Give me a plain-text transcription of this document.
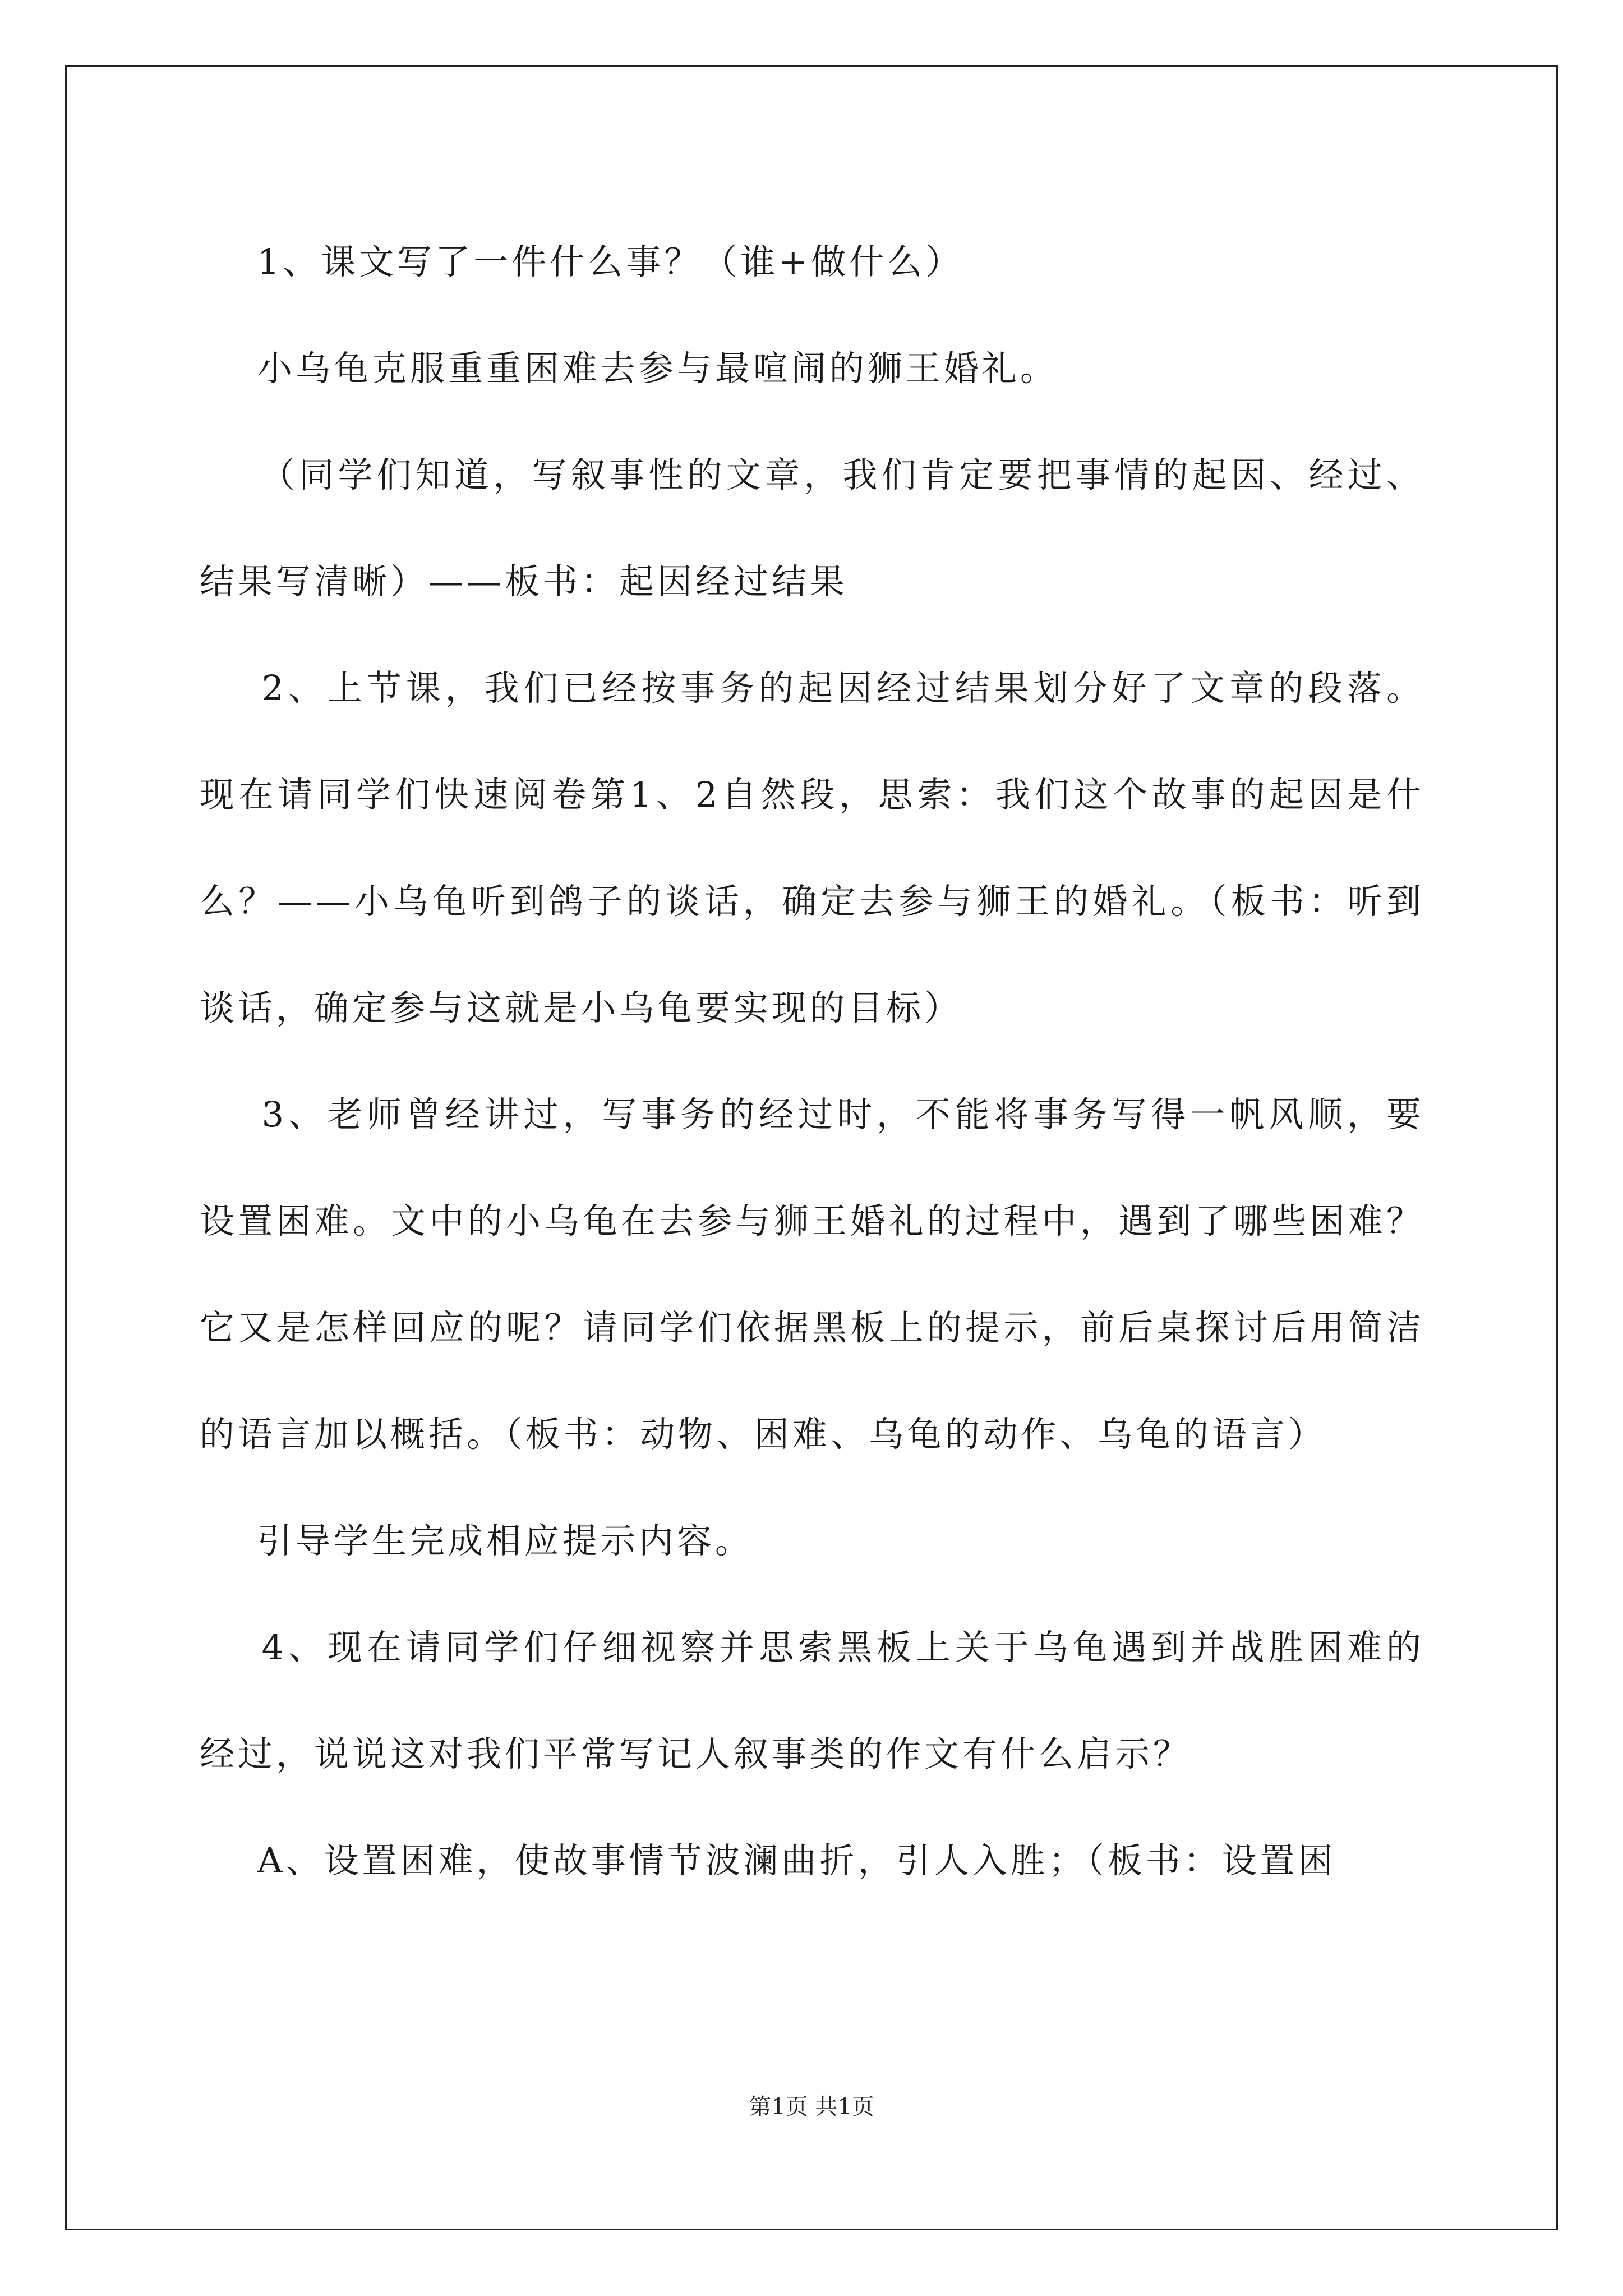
1、课文写了一件什么事？（谁+做什么）

小乌龟克服重重困难去参与最喧闹的狮王婚礼。

（同学们知道，写叙事性的文章，我们肯定要把事情的起因、经过、结果写清晰）——板书：起因经过结果

2、上节课，我们已经按事务的起因经过结果划分好了文章的段落。现在请同学们快速阅卷第1、2自然段，思索：我们这个故事的起因是什么？——小乌龟听到鸽子的谈话，确定去参与狮王的婚礼。（板书：听到谈话，确定参与这就是小乌龟要实现的目标）

3、老师曾经讲过，写事务的经过时，不能将事务写得一帆风顺，要设置困难。文中的小乌龟在去参与狮王婚礼的过程中，遇到了哪些困难？它又是怎样回应的呢？请同学们依据黑板上的提示，前后桌探讨后用简洁的语言加以概括。（板书：动物、困难、乌龟的动作、乌龟的语言）

引导学生完成相应提示内容。

4、现在请同学们仔细视察并思索黑板上关于乌龟遇到并战胜困难的经过，说说这对我们平常写记人叙事类的作文有什么启示？

A、设置困难，使故事情节波澜曲折，引人入胜；（板书：设置困

第1页 共1页
